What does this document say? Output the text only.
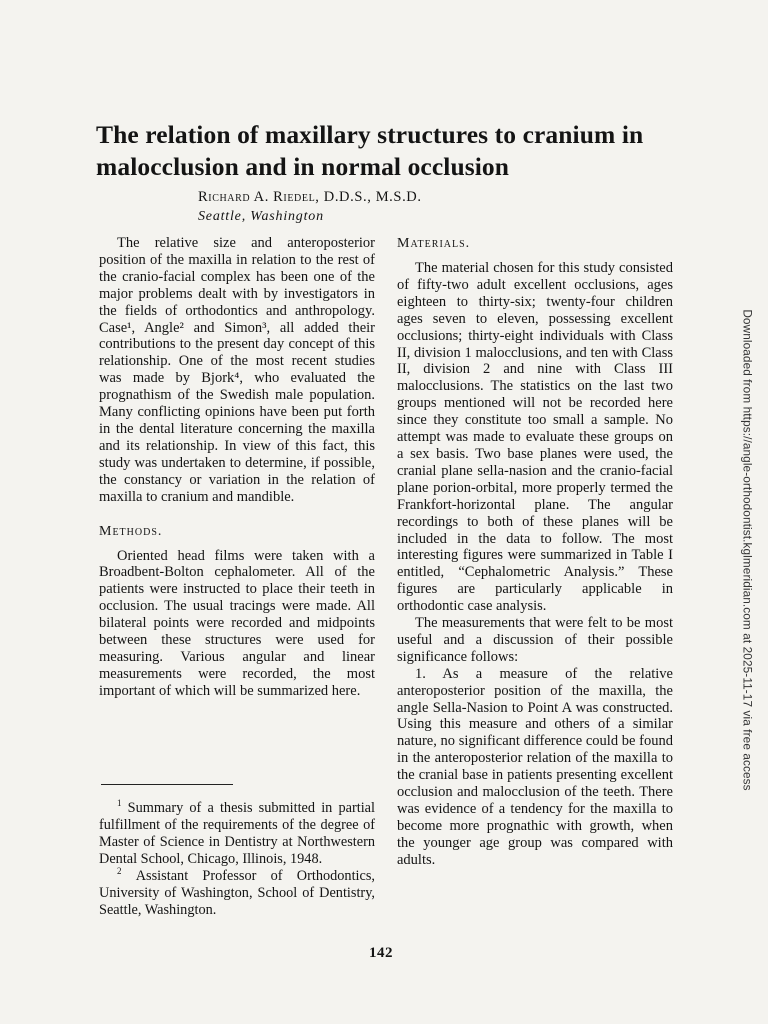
The relation of maxillary structures to cranium in malocclusion and in normal occlusion
Richard A. Riedel, D.D.S., M.S.D.
Seattle, Washington

The relative size and anteroposterior position of the maxilla in relation to the rest of the cranio-facial complex has been one of the major problems dealt with by investigators in the fields of orthodontics and anthropology. Case¹, Angle² and Simon³, all added their contributions to the present day concept of this relationship. One of the most recent studies was made by Bjork⁴, who evaluated the prognathism of the Swedish male population. Many conflicting opinions have been put forth in the dental literature concerning the maxilla and its relationship. In view of this fact, this study was undertaken to determine, if possible, the constancy or variation in the relation of maxilla to cranium and mandible.

Methods.

Oriented head films were taken with a Broadbent-Bolton cephalometer. All of the patients were instructed to place their teeth in occlusion. The usual tracings were made. All bilateral points were recorded and midpoints between these structures were used for measuring. Various angular and linear measurements were recorded, the most important of which will be summarized here.

$^1$ Summary of a thesis submitted in partial fulfillment of the requirements of the degree of Master of Science in Dentistry at Northwestern Dental School, Chicago, Illinois, 1948.

$^2$ Assistant Professor of Orthodontics, University of Washington, School of Dentistry, Seattle, Washington.

Materials.

The material chosen for this study consisted of fifty-two adult excellent occlusions, ages eighteen to thirty-six; twenty-four children ages seven to eleven, possessing excellent occlusions; thirty-eight individuals with Class II, division 1 malocclusions, and ten with Class II, division 2 and nine with Class III malocclusions. The statistics on the last two groups mentioned will not be recorded here since they constitute too small a sample. No attempt was made to evaluate these groups on a sex basis. Two base planes were used, the cranial plane sella-nasion and the cranio-facial plane porion-orbital, more properly termed the Frankfort-horizontal plane. The angular recordings to both of these planes will be included in the data to follow. The most interesting figures were summarized in Table I entitled, “Cephalometric Analysis.” These figures are particularly applicable in orthodontic case analysis.

The measurements that were felt to be most useful and a discussion of their possible significance follows:

1. As a measure of the relative anteroposterior position of the maxilla, the angle Sella-Nasion to Point A was constructed. Using this measure and others of a similar nature, no significant difference could be found in the anteroposterior relation of the maxilla to the cranial base in patients presenting excellent occlusion and malocclusion of the teeth. There was evidence of a tendency for the maxilla to become more prognathic with growth, when the younger age group was compared with adults.

142
Downloaded from https://angle-orthodontist.kglmeridian.com at 2025-11-17 via free access
